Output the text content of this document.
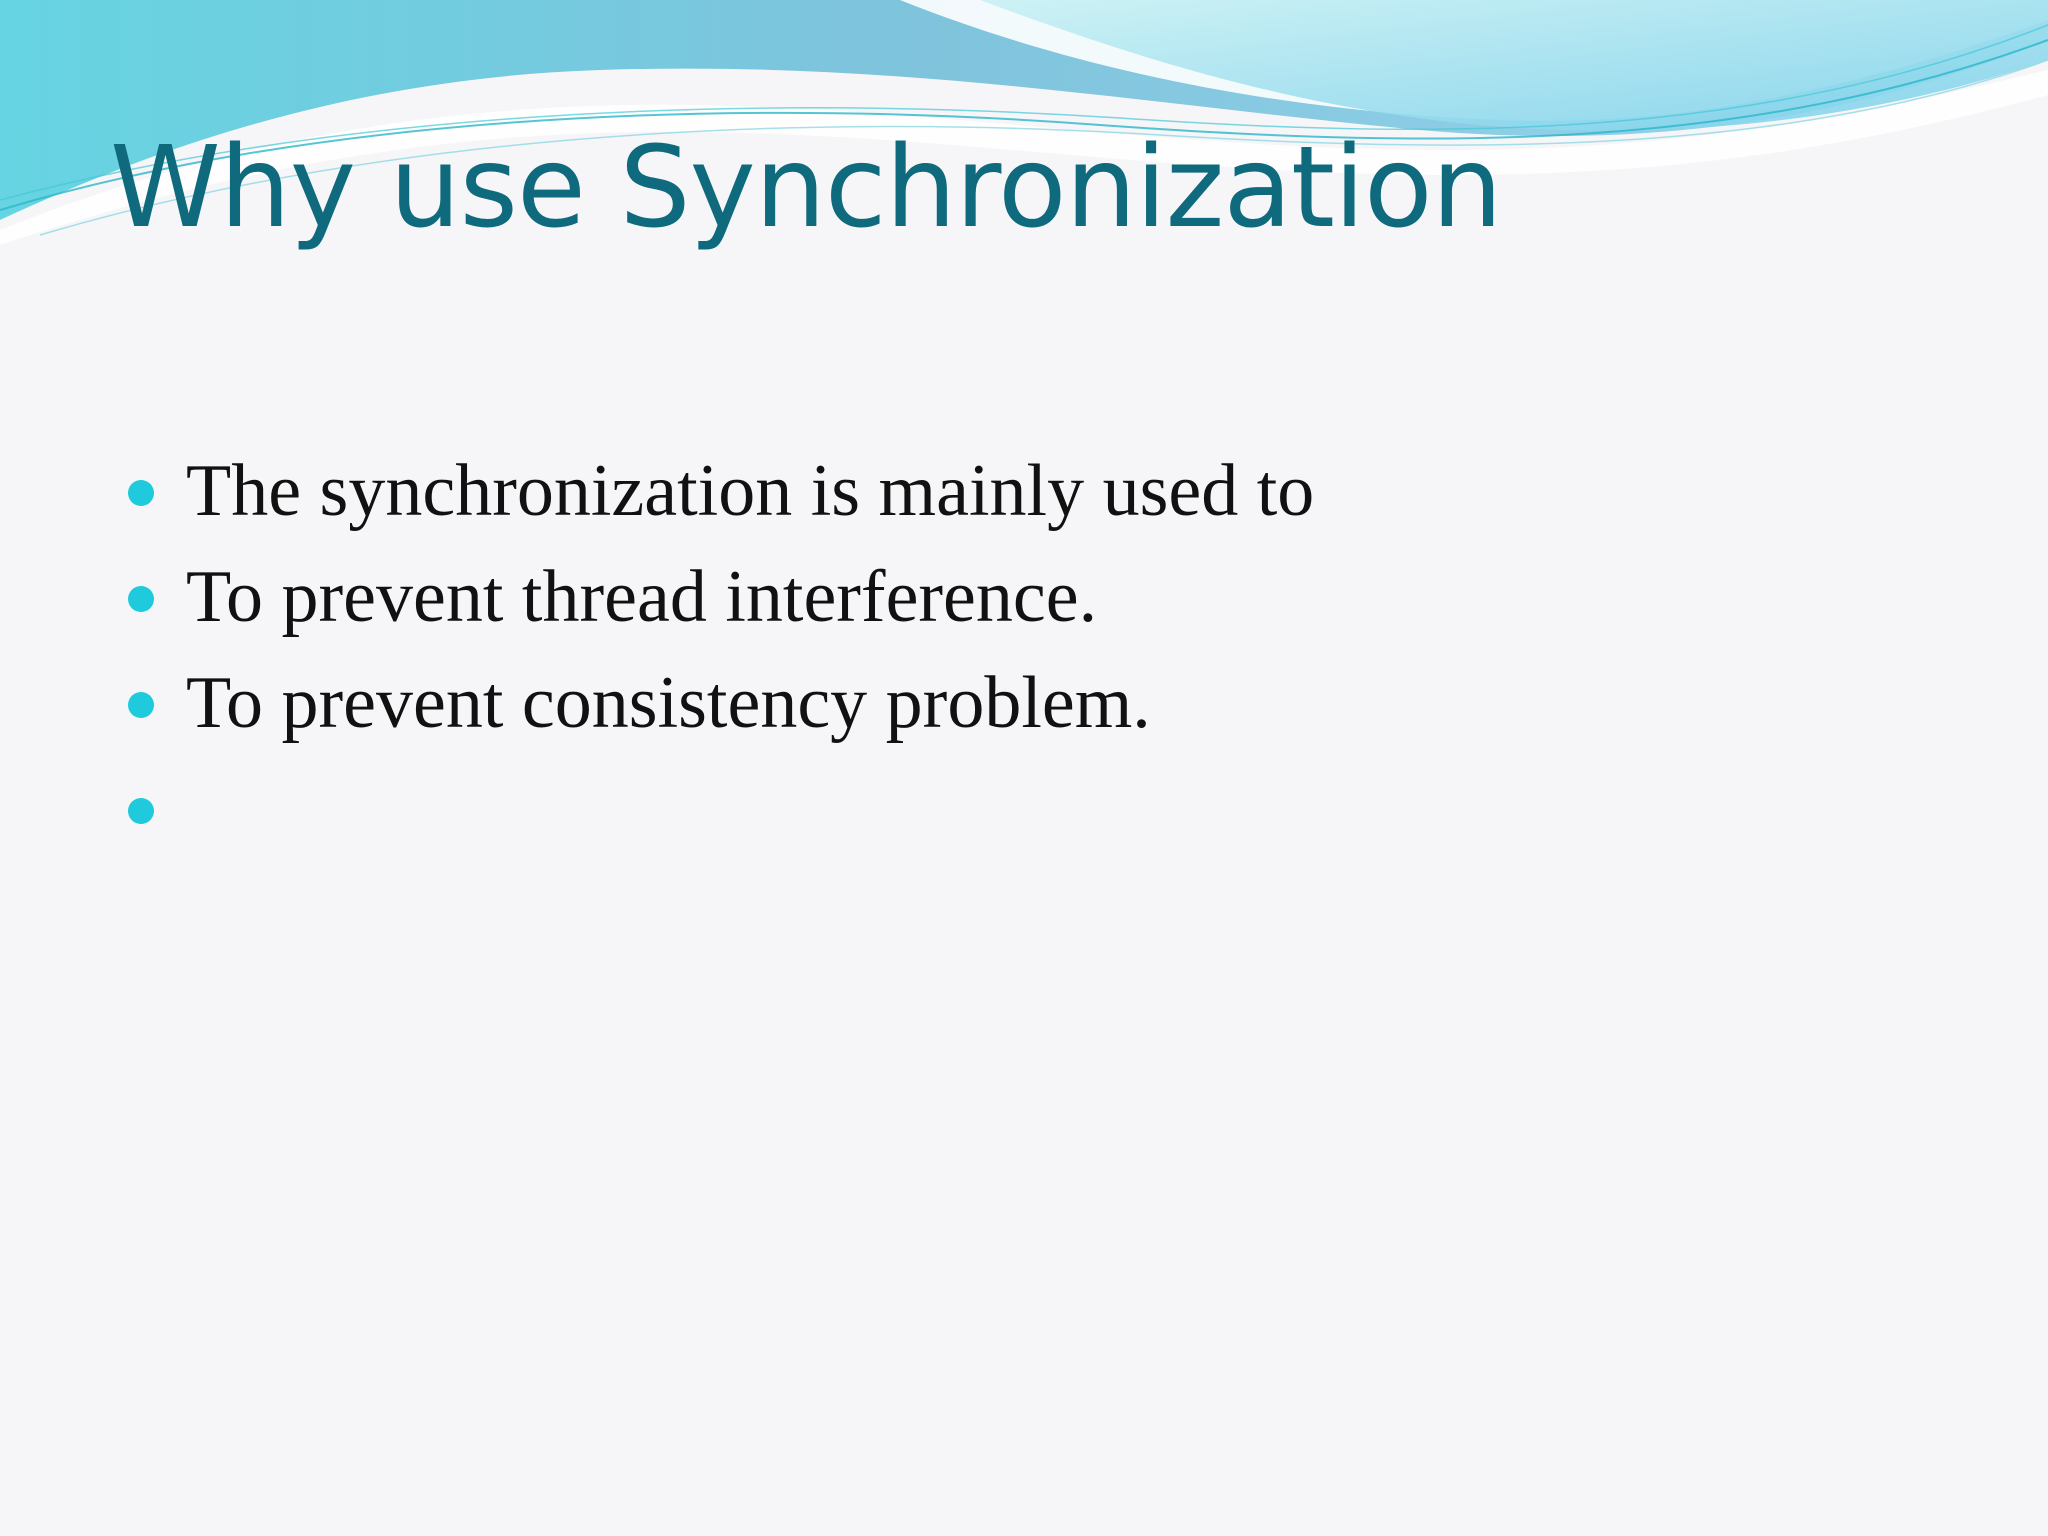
Why use Synchronization
The synchronization is mainly used to
To prevent thread interference.
To prevent consistency problem.
